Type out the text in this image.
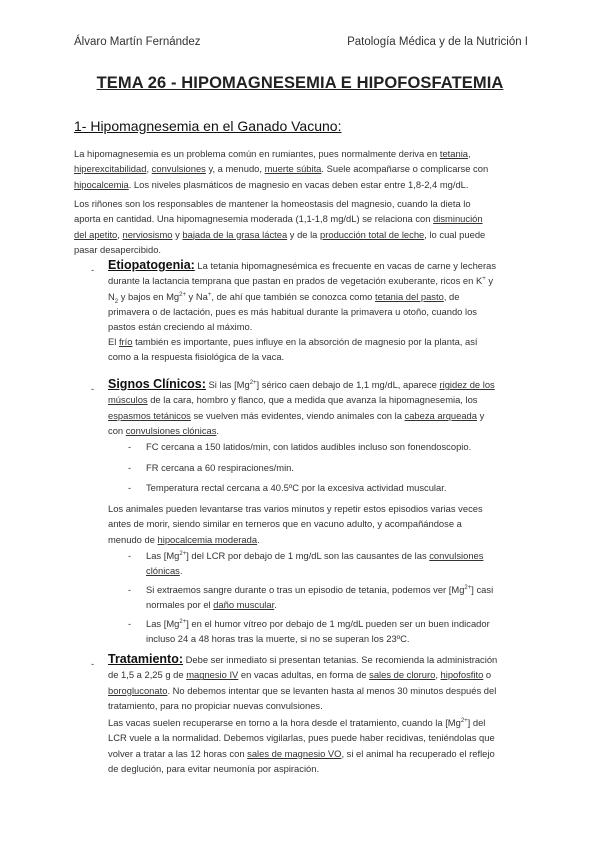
Álvaro Martín Fernández	Patología Médica y de la Nutrición I
TEMA 26 - HIPOMAGNESEMIA E HIPOFOSFATEMIA
1- Hipomagnesemia en el Ganado Vacuno:
La hipomagnesemia es un problema común en rumiantes, pues normalmente deriva en tetania,
hiperexcitabilidad, convulsiones y, a menudo, muerte súbita. Suele acompañarse o complicarse con
hipocalcemia. Los niveles plasmáticos de magnesio en vacas deben estar entre 1,8-2,4 mg/dL.
Los riñones son los responsables de mantener la homeostasis del magnesio, cuando la dieta lo
aporta en cantidad. Una hipomagnesemia moderada (1,1-1,8 mg/dL) se relaciona con disminución
del apetito, nerviosismo y bajada de la grasa láctea y de la producción total de leche, lo cual puede
pasar desapercibido.
- Etiopatogenia: La tetania hipomagnesémica es frecuente en vacas de carne y lecheras
durante la lactancia temprana que pastan en prados de vegetación exuberante, ricos en K+ y
$N_2$ y bajos en $Mg^{2+}$ y Na+, de ahí que también se conozca como tetania del pasto, de
primavera o de lactación, pues es más habitual durante la primavera u otoño, cuando los
pastos están creciendo al máximo.
El frío también es importante, pues influye en la absorción de magnesio por la planta, así
como a la respuesta fisiológica de la vaca.
- Signos Clínicos: Si las $[Mg^{2+}]$ sérico caen debajo de 1,1 mg/dL, aparece rigidez de los
músculos de la cara, hombro y flanco, que a medida que avanza la hipomagnesemia, los
espasmos tetánicos se vuelven más evidentes, viendo animales con la cabeza arqueada y
con convulsiones clónicas.
- FC cercana a 150 latidos/min, con latidos audibles incluso son fonendoscopio.
- FR cercana a 60 respiraciones/min.
- Temperatura rectal cercana a 40.5ºC por la excesiva actividad muscular.
Los animales pueden levantarse tras varios minutos y repetir estos episodios varias veces
antes de morir, siendo similar en terneros que en vacuno adulto, y acompañándose a
menudo de hipocalcemia moderada.
- Las $[Mg^{2+}]$ del LCR por debajo de 1 mg/dL son las causantes de las convulsiones
clónicas.
- Si extraemos sangre durante o tras un episodio de tetania, podemos ver $[Mg^{2+}]$ casi
normales por el daño muscular.
- Las $[Mg^{2+}]$ en el humor vítreo por debajo de 1 mg/dL pueden ser un buen indicador
incluso 24 a 48 horas tras la muerte, si no se superan los 23ºC.
- Tratamiento: Debe ser inmediato si presentan tetanias. Se recomienda la administración
de 1,5 a 2,25 g de magnesio IV en vacas adultas, en forma de sales de cloruro, hipofosfito o
borogluconato. No debemos intentar que se levanten hasta al menos 30 minutos después del
tratamiento, para no propiciar nuevas convulsiones.
Las vacas suelen recuperarse en torno a la hora desde el tratamiento, cuando la $[Mg^{2+}]$ del
LCR vuele a la normalidad. Debemos vigilarlas, pues puede haber recidivas, teniéndolas que
volver a tratar a las 12 horas con sales de magnesio VO, si el animal ha recuperado el reflejo
de deglución, para evitar neumonía por aspiración.
